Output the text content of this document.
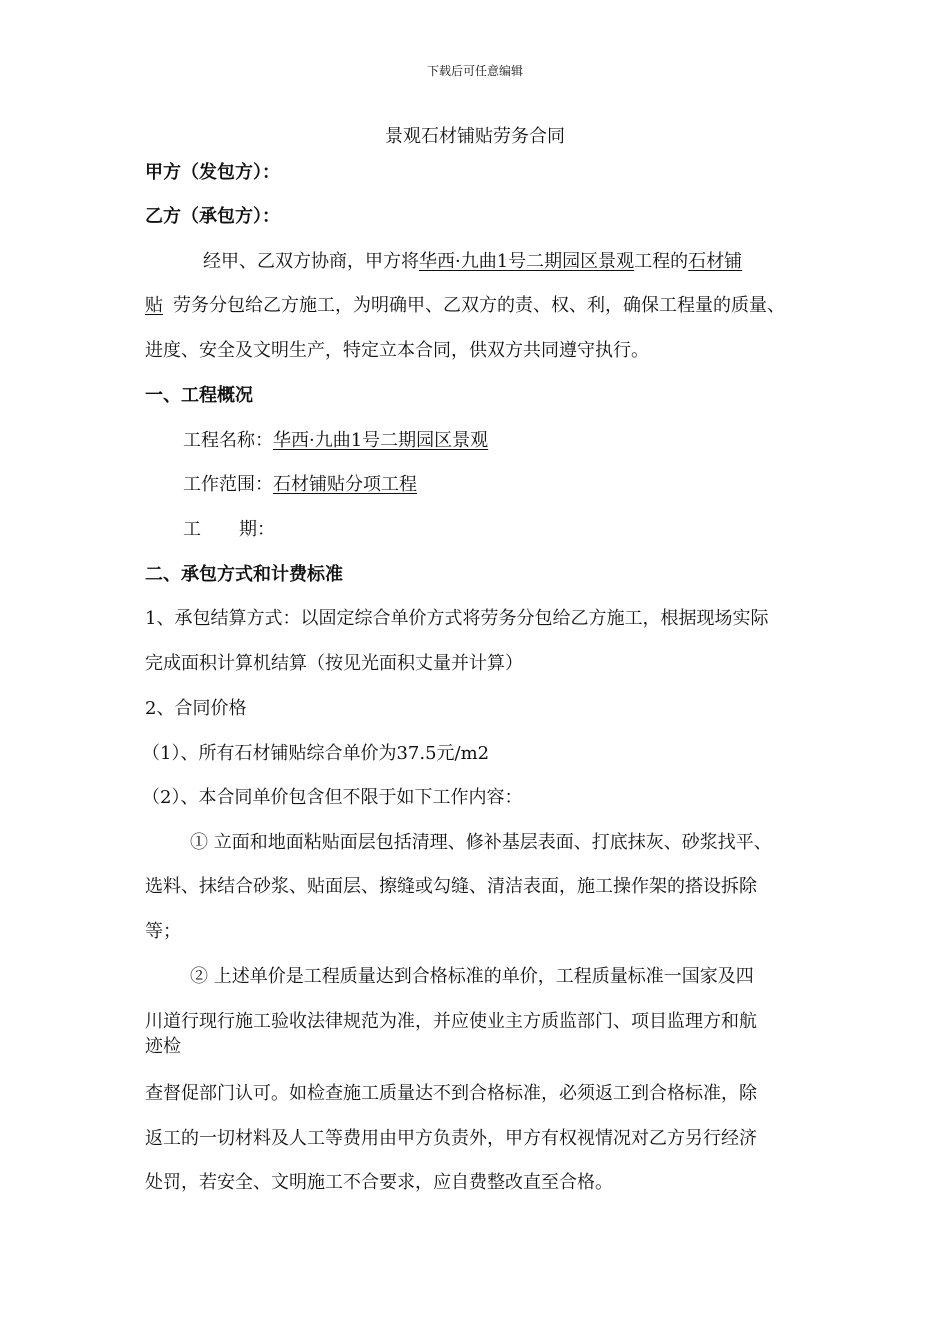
下载后可任意编辑
景观石材铺贴劳务合同
甲方（发包方）：
乙方（承包方）：
经甲、乙双方协商，甲方将华西·九曲1号二期园区景观工程的石材铺
贴 劳务分包给乙方施工，为明确甲、乙双方的责、权、利，确保工程量的质量、
进度、安全及文明生产，特定立本合同，供双方共同遵守执行。
一、工程概况
工程名称：华西·九曲1号二期园区景观
工作范围：石材铺贴分项工程
工 期：
二、承包方式和计费标准
1、承包结算方式：以固定综合单价方式将劳务分包给乙方施工，根据现场实际
完成面积计算机结算（按见光面积丈量并计算）
2、合同价格
（1）、所有石材铺贴综合单价为37.5元/m2
（2）、本合同单价包含但不限于如下工作内容：
① 立面和地面粘贴面层包括清理、修补基层表面、打底抹灰、砂浆找平、
选料、抹结合砂浆、贴面层、擦缝或勾缝、清洁表面，施工操作架的搭设拆除
等；
② 上述单价是工程质量达到合格标准的单价，工程质量标准一国家及四
川道行现行施工验收法律规范为准，并应使业主方质监部门、项目监理方和航
迹检
查督促部门认可。如检查施工质量达不到合格标准，必须返工到合格标准，除
返工的一切材料及人工等费用由甲方负责外，甲方有权视情况对乙方另行经济
处罚，若安全、文明施工不合要求，应自费整改直至合格。
